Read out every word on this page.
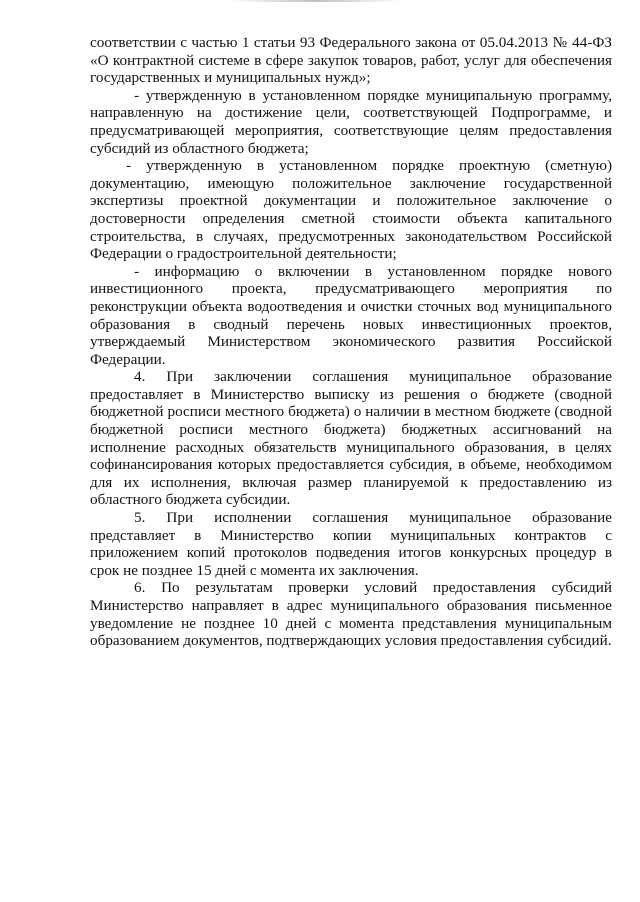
соответствии с частью 1 статьи 93 Федерального закона от 05.04.2013 № 44-ФЗ «О контрактной системе в сфере закупок товаров, работ, услуг для обеспечения государственных и муниципальных нужд»;

- утвержденную в установленном порядке муниципальную программу, направленную на достижение цели, соответствующей Подпрограмме, и предусматривающей мероприятия, соответствующие целям предоставления субсидий из областного бюджета;

- утвержденную в установленном порядке проектную (сметную) документацию, имеющую положительное заключение государственной экспертизы проектной документации и положительное заключение о достоверности определения сметной стоимости объекта капитального строительства, в случаях, предусмотренных законодательством Российской Федерации о градостроительной деятельности;

- информацию о включении в установленном порядке нового инвестиционного проекта, предусматривающего мероприятия по реконструкции объекта водоотведения и очистки сточных вод муниципального образования в сводный перечень новых инвестиционных проектов, утверждаемый Министерством экономического развития Российской Федерации.

4. При заключении соглашения муниципальное образование предоставляет в Министерство выписку из решения о бюджете (сводной бюджетной росписи местного бюджета) о наличии в местном бюджете (сводной бюджетной росписи местного бюджета) бюджетных ассигнований на исполнение расходных обязательств муниципального образования, в целях софинансирования которых предоставляется субсидия, в объеме, необходимом для их исполнения, включая размер планируемой к предоставлению из областного бюджета субсидии.

5. При исполнении соглашения муниципальное образование представляет в Министерство копии муниципальных контрактов с приложением копий протоколов подведения итогов конкурсных процедур в срок не позднее 15 дней с момента их заключения.

6. По результатам проверки условий предоставления субсидий Министерство направляет в адрес муниципального образования письменное уведомление не позднее 10 дней с момента представления муниципальным образованием документов, подтверждающих условия предоставления субсидий.
